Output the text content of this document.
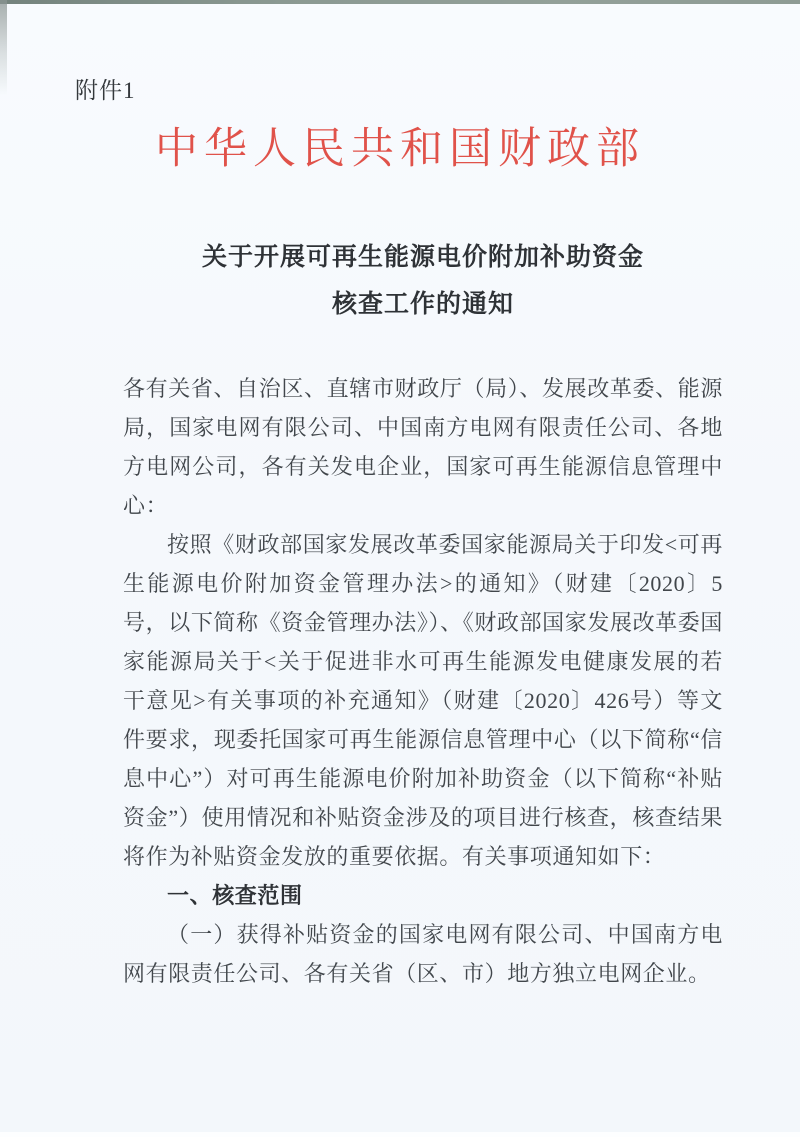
附件1
中华人民共和国财政部
关于开展可再生能源电价附加补助资金
核查工作的通知

各有关省、自治区、直辖市财政厅（局）、发展改革委、能源局，国家电网有限公司、中国南方电网有限责任公司、各地方电网公司，各有关发电企业，国家可再生能源信息管理中心：

按照《财政部国家发展改革委国家能源局关于印发<可再生能源电价附加资金管理办法>的通知》（财建〔2020〕5号，以下简称《资金管理办法》）、《财政部国家发展改革委国家能源局关于<关于促进非水可再生能源发电健康发展的若干意见>有关事项的补充通知》（财建〔2020〕426号）等文件要求，现委托国家可再生能源信息管理中心（以下简称“信息中心”）对可再生能源电价附加补助资金（以下简称“补贴资金”）使用情况和补贴资金涉及的项目进行核查，核查结果将作为补贴资金发放的重要依据。有关事项通知如下：

一、核查范围

（一）获得补贴资金的国家电网有限公司、中国南方电网有限责任公司、各有关省（区、市）地方独立电网企业。
